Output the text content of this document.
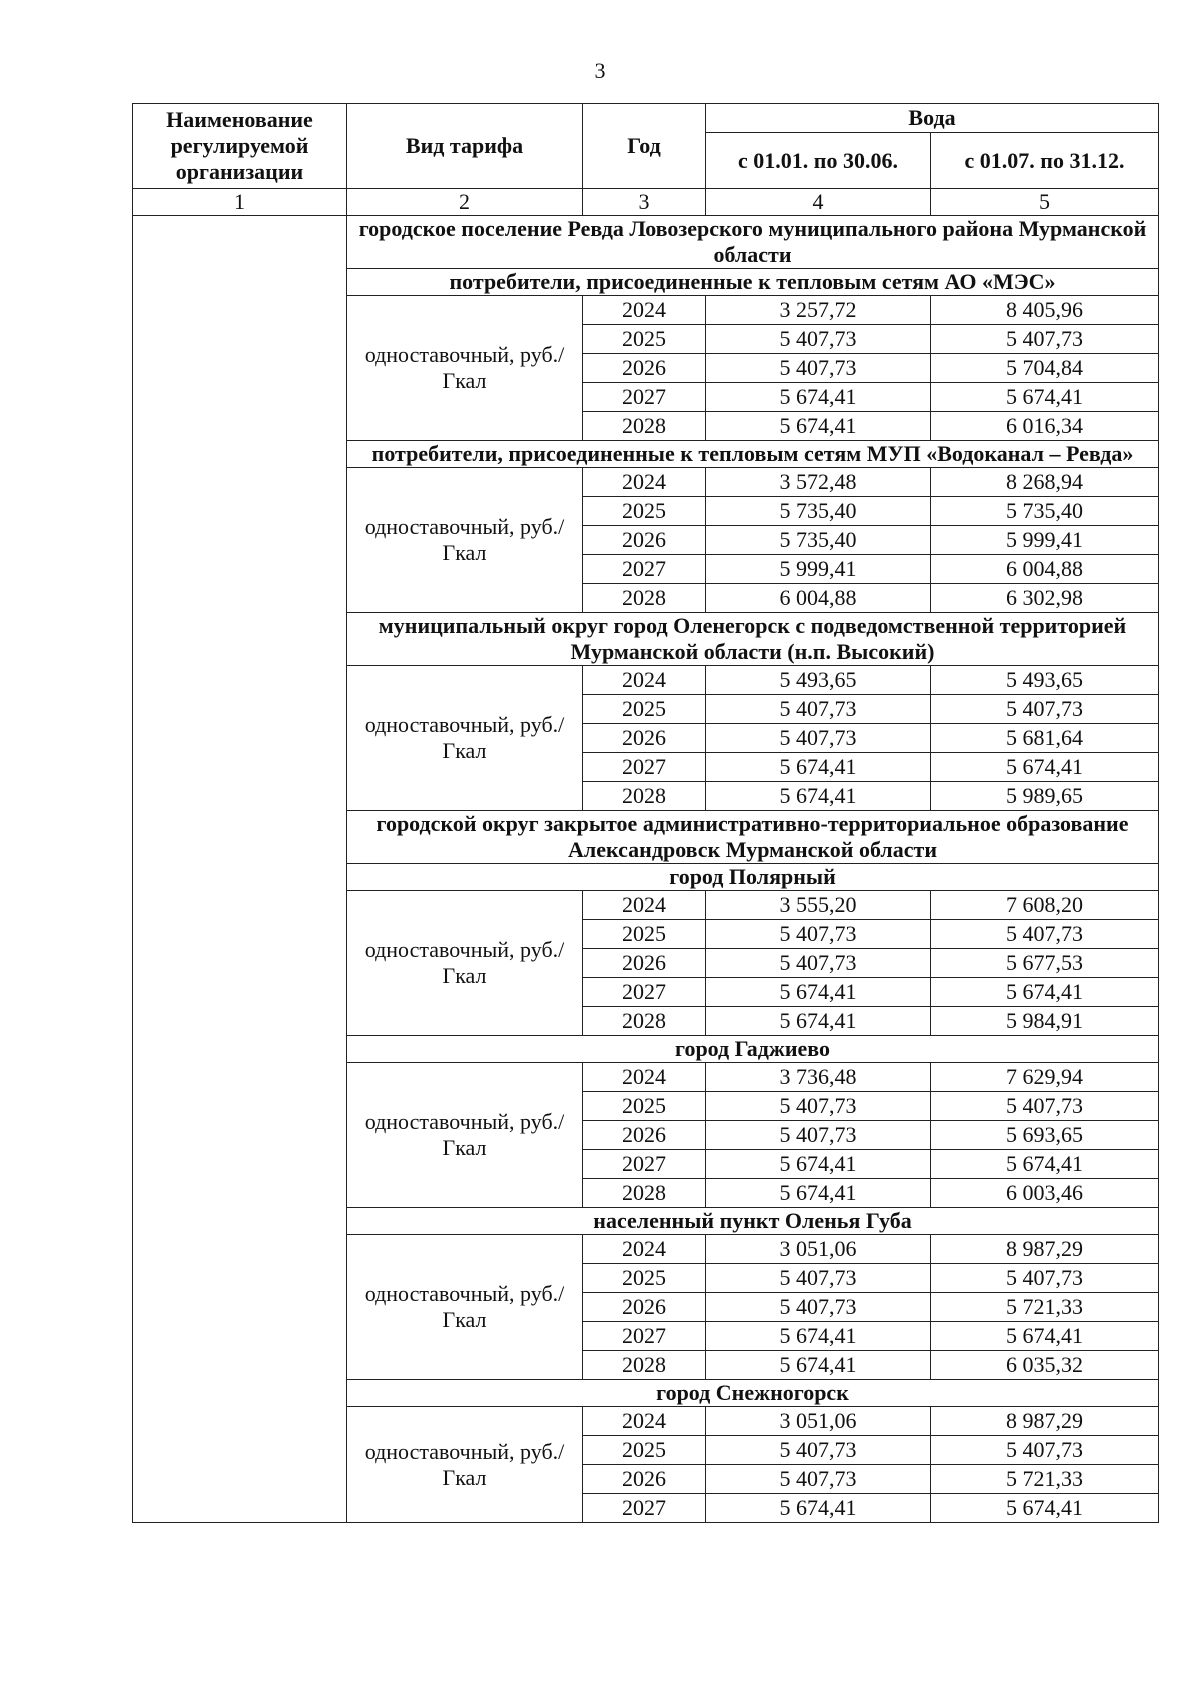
3
Наименование регулируемой организации	Вид тарифа	Год	Вода	
			с 01.01. по 30.06.	с 01.07. по 31.12.
1	2	3	4	5
	городское поселение Ревда Ловозерского муниципального района Мурманской области			
	потребители, присоединенные к тепловым сетям АО «МЭС»			
	одноставочный, руб./Гкал	2024	3 257,72	8 405,96
		2025	5 407,73	5 407,73
		2026	5 407,73	5 704,84
		2027	5 674,41	5 674,41
		2028	5 674,41	6 016,34
	потребители, присоединенные к тепловым сетям МУП «Водоканал – Ревда»			
	одноставочный, руб./Гкал	2024	3 572,48	8 268,94
		2025	5 735,40	5 735,40
		2026	5 735,40	5 999,41
		2027	5 999,41	6 004,88
		2028	6 004,88	6 302,98
	муниципальный округ город Оленегорск с подведомственной территорией Мурманской области (н.п. Высокий)			
	одноставочный, руб./Гкал	2024	5 493,65	5 493,65
		2025	5 407,73	5 407,73
		2026	5 407,73	5 681,64
		2027	5 674,41	5 674,41
		2028	5 674,41	5 989,65
	городской округ закрытое административно-территориальное образование Александровск Мурманской области			
	город Полярный			
	одноставочный, руб./Гкал	2024	3 555,20	7 608,20
		2025	5 407,73	5 407,73
		2026	5 407,73	5 677,53
		2027	5 674,41	5 674,41
		2028	5 674,41	5 984,91
	город Гаджиево			
	одноставочный, руб./Гкал	2024	3 736,48	7 629,94
		2025	5 407,73	5 407,73
		2026	5 407,73	5 693,65
		2027	5 674,41	5 674,41
		2028	5 674,41	6 003,46
	населенный пункт Оленья Губа			
	одноставочный, руб./Гкал	2024	3 051,06	8 987,29
		2025	5 407,73	5 407,73
		2026	5 407,73	5 721,33
		2027	5 674,41	5 674,41
		2028	5 674,41	6 035,32
	город Снежногорск			
	одноставочный, руб./Гкал	2024	3 051,06	8 987,29
		2025	5 407,73	5 407,73
		2026	5 407,73	5 721,33
		2027	5 674,41	5 674,41
